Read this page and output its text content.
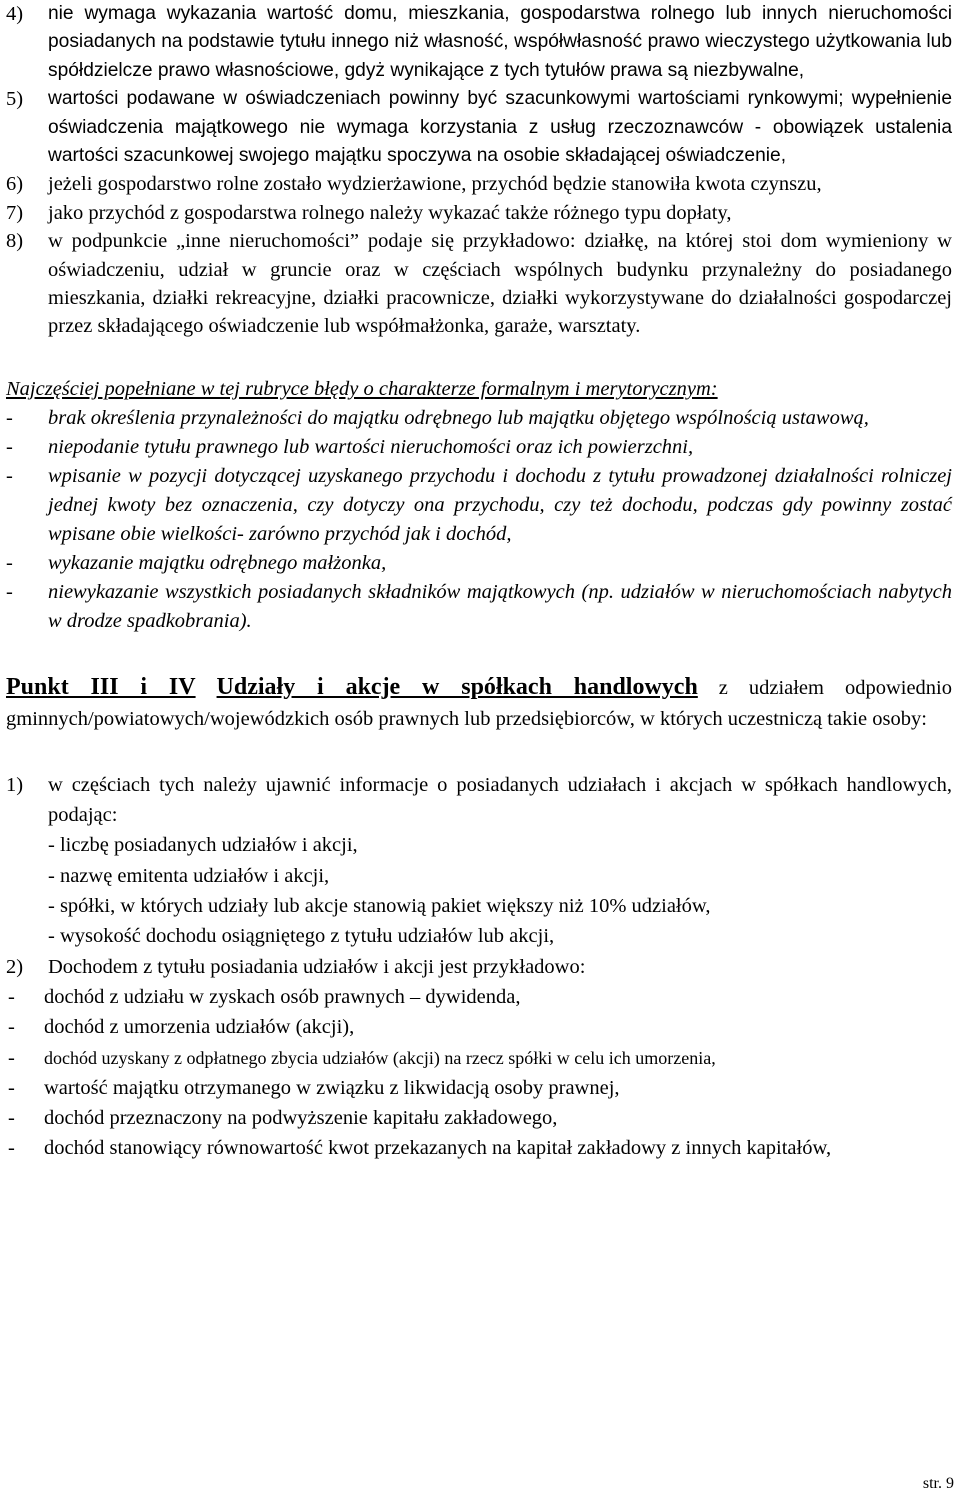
4)	nie wymaga wykazania wartość domu, mieszkania, gospodarstwa rolnego lub innych nieruchomości posiadanych na podstawie tytułu innego niż własność, współwłasność prawo wieczystego użytkowania lub spółdzielcze prawo własnościowe, gdyż wynikające z tych tytułów prawa są niezbywalne,
5)	wartości podawane w oświadczeniach powinny być szacunkowymi wartościami rynkowymi; wypełnienie oświadczenia majątkowego nie wymaga korzystania z usług rzeczoznawców - obowiązek ustalenia wartości szacunkowej swojego majątku spoczywa na osobie składającej oświadczenie,
6)	jeżeli gospodarstwo rolne zostało wydzierżawione, przychód będzie stanowiła kwota czynszu,
7)	jako przychód z gospodarstwa rolnego należy wykazać także różnego typu dopłaty,
8)	w podpunkcie „inne nieruchomości” podaje się przykładowo: działkę, na której stoi dom wymieniony w oświadczeniu, udział w gruncie oraz w częściach wspólnych budynku przynależny do posiadanego mieszkania, działki rekreacyjne, działki pracownicze, działki wykorzystywane do działalności gospodarczej przez składającego oświadczenie lub współmałżonka, garaże, warsztaty.
Najczęściej popełniane w tej rubryce błędy o charakterze formalnym i merytorycznym:
-	brak określenia przynależności do majątku odrębnego lub majątku objętego wspólnością ustawową,
-	niepodanie tytułu prawnego lub wartości nieruchomości oraz ich powierzchni,
-	wpisanie w pozycji dotyczącej uzyskanego przychodu i dochodu z tytułu prowadzonej działalności rolniczej jednej kwoty bez oznaczenia, czy dotyczy ona przychodu, czy też dochodu, podczas gdy powinny zostać wpisane obie wielkości- zarówno przychód jak i dochód,
-	wykazanie majątku odrębnego małżonka,
-	niewykazanie wszystkich posiadanych składników majątkowych (np. udziałów w nieruchomościach nabytych w drodze spadkobrania).
Punkt III i IV Udziały i akcje w spółkach handlowych z udziałem odpowiednio gminnych/powiatowych/wojewódzkich osób prawnych lub przedsiębiorców, w których uczestniczą takie osoby:
1)	w częściach tych należy ujawnić informacje o posiadanych udziałach i akcjach w spółkach handlowych, podając:
- liczbę posiadanych udziałów i akcji,
- nazwę emitenta udziałów i akcji,
- spółki, w których udziały lub akcje stanowią pakiet większy niż 10% udziałów,
- wysokość dochodu osiągniętego z tytułu udziałów lub akcji,
2)	Dochodem z tytułu posiadania udziałów i akcji jest przykładowo:
-	dochód z udziału w zyskach osób prawnych – dywidenda,
-	dochód z umorzenia udziałów (akcji),
-	dochód uzyskany z odpłatnego zbycia udziałów (akcji) na rzecz spółki w celu ich umorzenia,
-	wartość majątku otrzymanego w związku z likwidacją osoby prawnej,
-	dochód przeznaczony na podwyższenie kapitału zakładowego,
-	dochód stanowiący równowartość kwot przekazanych na kapitał zakładowy z innych kapitałów,
str. 9
